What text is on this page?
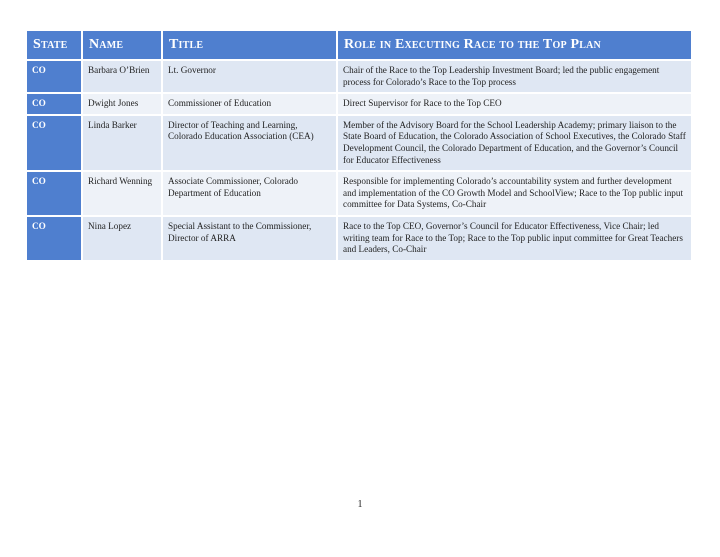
State	Name	Title	Role in Executing Race to the Top Plan
CO	Barbara O’Brien	Lt. Governor	Chair of the Race to the Top Leadership Investment Board; led the public engagement process for Colorado’s Race to the Top process
CO	Dwight Jones	Commissioner of Education	Direct Supervisor for Race to the Top CEO
CO	Linda Barker	Director of Teaching and Learning, Colorado Education Association (CEA)	Member of the Advisory Board for the School Leadership Academy; primary liaison to the State Board of Education, the Colorado Association of School Executives, the Colorado Staff Development Council, the Colorado Department of Education, and the Governor’s Council for Educator Effectiveness
CO	Richard Wenning	Associate Commissioner, Colorado Department of Education	Responsible for implementing Colorado’s accountability system and further development and implementation of the CO Growth Model and SchoolView; Race to the Top public input committee for Data Systems, Co-Chair
CO	Nina Lopez	Special Assistant to the Commissioner, Director of ARRA	Race to the Top CEO, Governor’s Council for Educator Effectiveness, Vice Chair; led writing team for Race to the Top; Race to the Top public input committee for Great Teachers and Leaders, Co-Chair
1
